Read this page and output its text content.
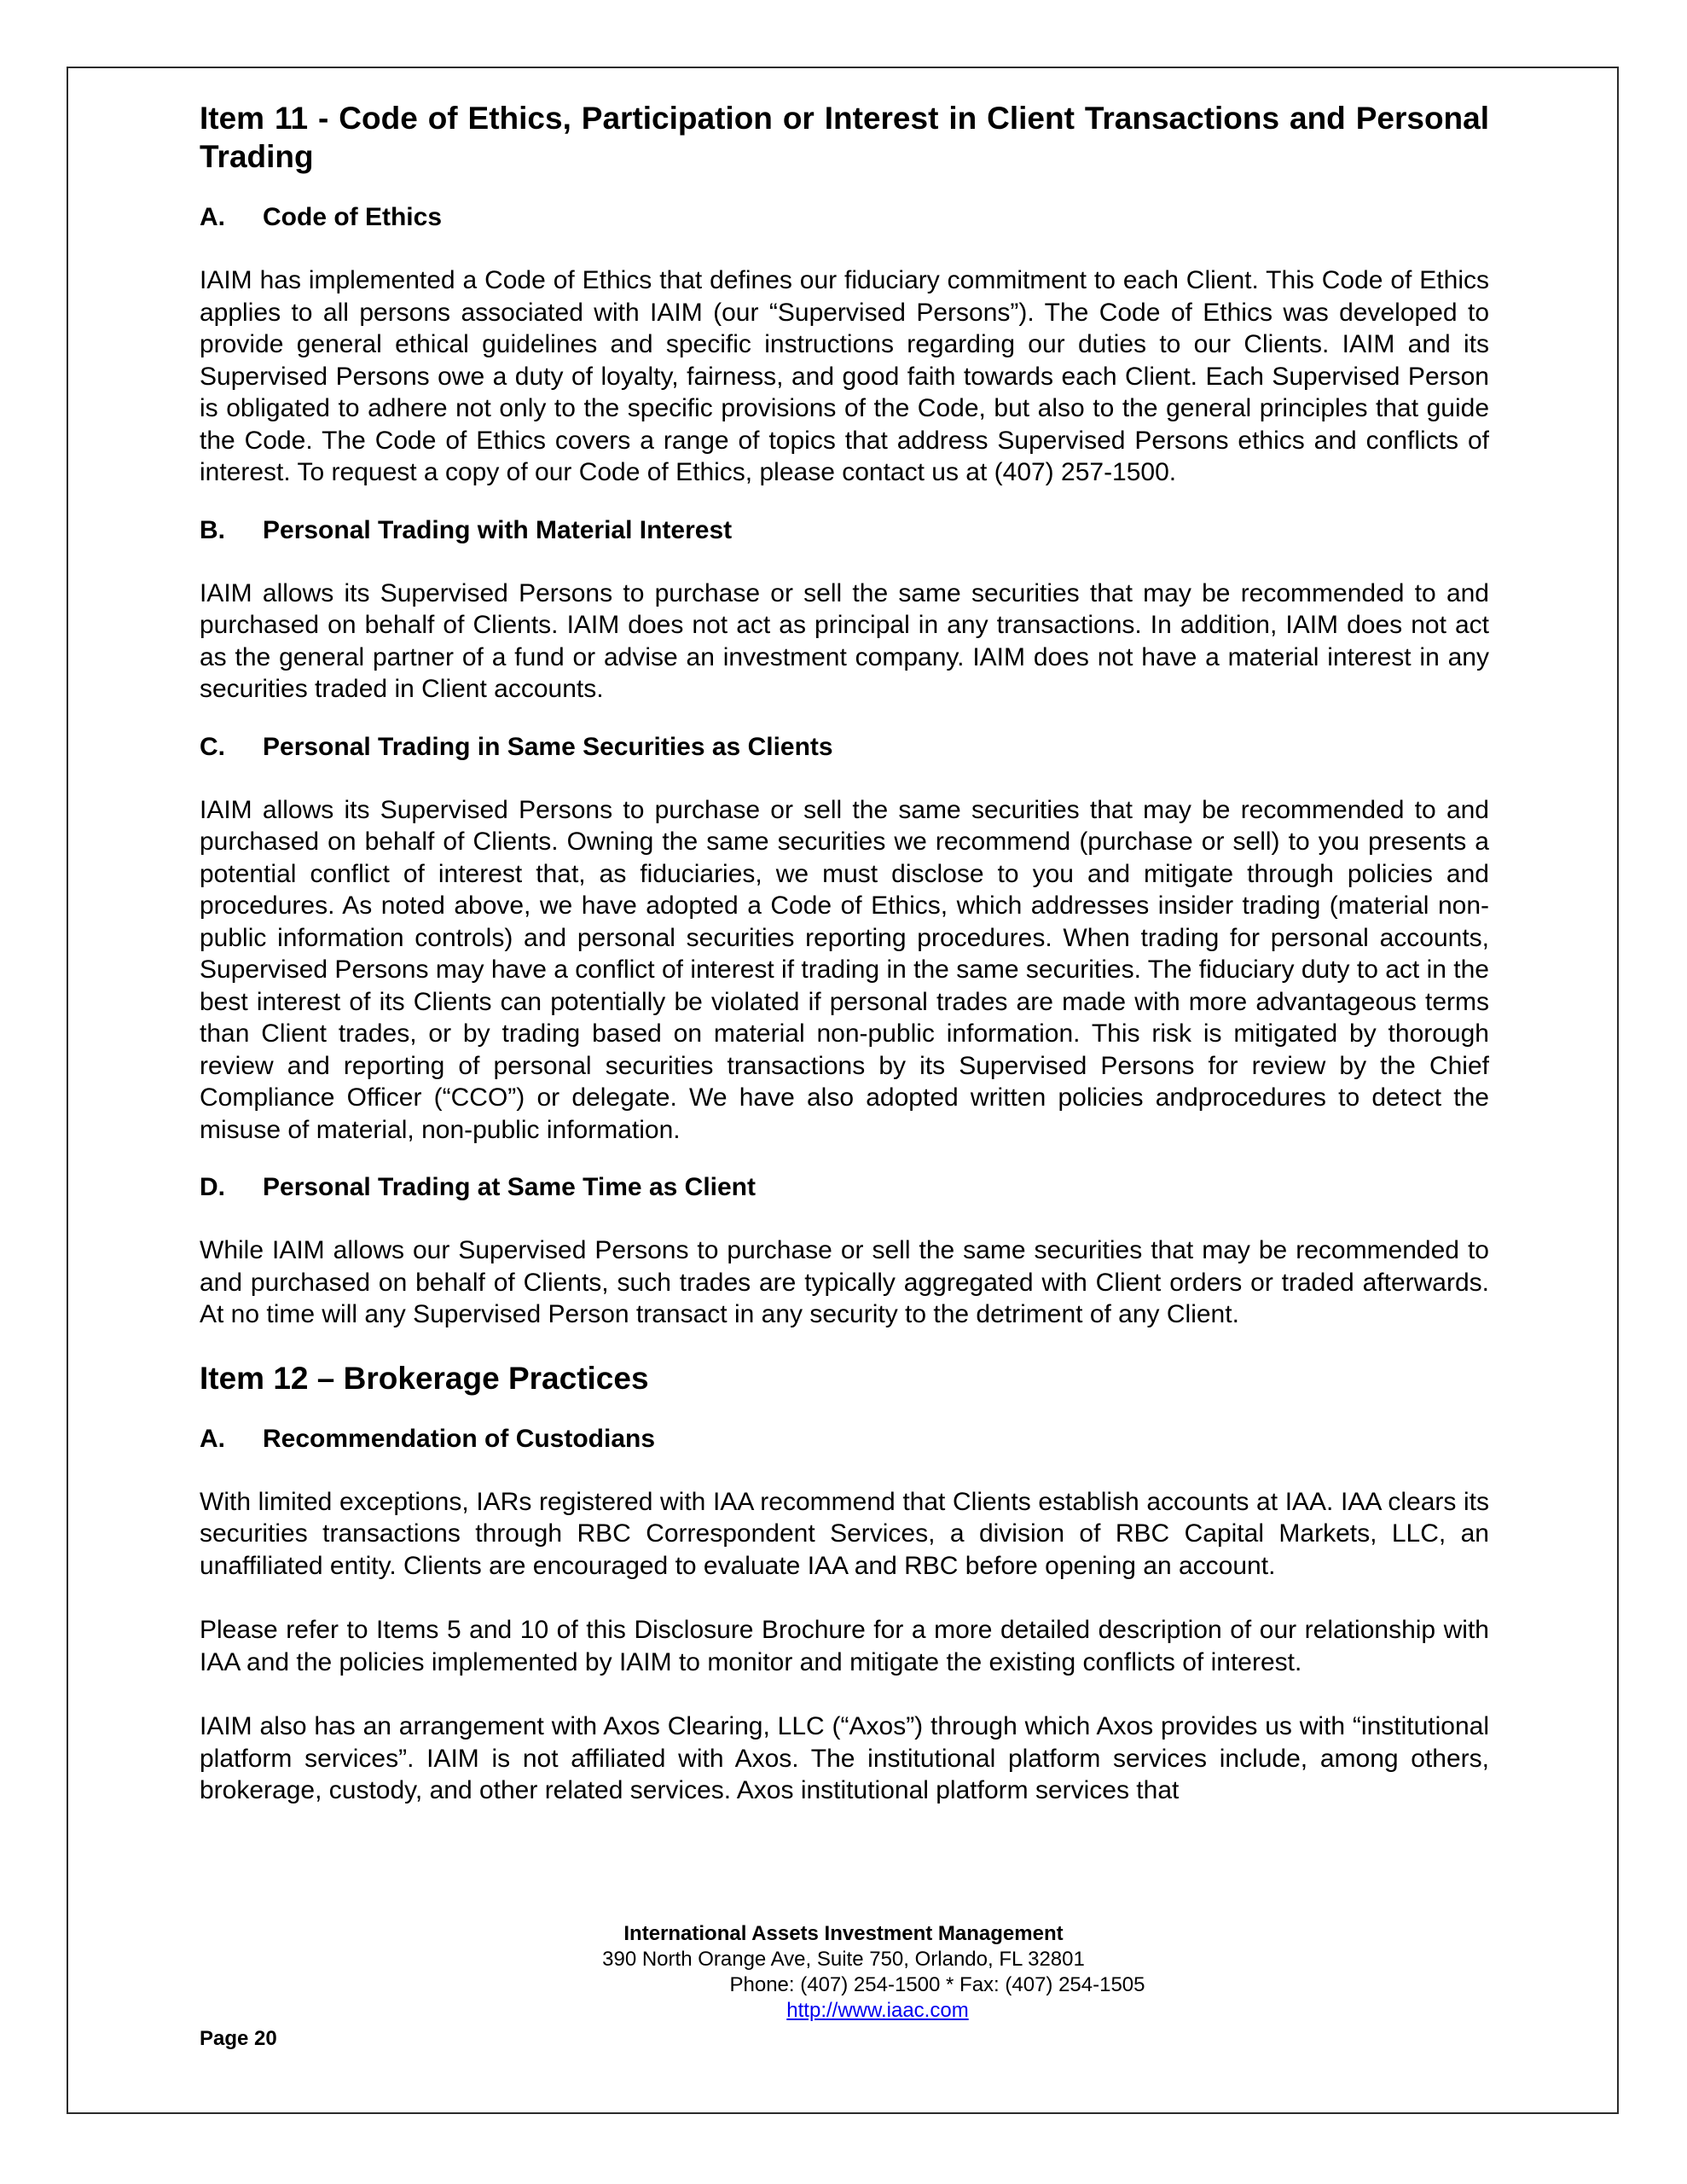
Item 11 - Code of Ethics, Participation or Interest in Client Transactions and Personal Trading
A.	Code of Ethics

IAIM has implemented a Code of Ethics that defines our fiduciary commitment to each Client. This Code of Ethics applies to all persons associated with IAIM (our “Supervised Persons”). The Code of Ethics was developed to provide general ethical guidelines and specific instructions regarding our duties to our Clients. IAIM and its Supervised Persons owe a duty of loyalty, fairness, and good faith towards each Client. Each Supervised Person is obligated to adhere not only to the specific provisions of the Code, but also to the general principles that guide the Code. The Code of Ethics covers a range of topics that address Supervised Persons ethics and conflicts of interest. To request a copy of our Code of Ethics, please contact us at (407) 257-1500.

B.	Personal Trading with Material Interest

IAIM allows its Supervised Persons to purchase or sell the same securities that may be recommended to and purchased on behalf of Clients. IAIM does not act as principal in any transactions. In addition, IAIM does not act as the general partner of a fund or advise an investment company. IAIM does not have a material interest in any securities traded in Client accounts.

C.	Personal Trading in Same Securities as Clients

IAIM allows its Supervised Persons to purchase or sell the same securities that may be recommended to and purchased on behalf of Clients. Owning the same securities we recommend (purchase or sell) to you presents a potential conflict of interest that, as fiduciaries, we must disclose to you and mitigate through policies and procedures. As noted above, we have adopted a Code of Ethics, which addresses insider trading (material non-public information controls) and personal securities reporting procedures. When trading for personal accounts, Supervised Persons may have a conflict of interest if trading in the same securities. The fiduciary duty to act in the best interest of its Clients can potentially be violated if personal trades are made with more advantageous terms than Client trades, or by trading based on material non-public information. This risk is mitigated by thorough review and reporting of personal securities transactions by its Supervised Persons for review by the Chief Compliance Officer (“CCO”) or delegate. We have also adopted written policies andprocedures to detect the misuse of material, non-public information.

D.	Personal Trading at Same Time as Client

While IAIM allows our Supervised Persons to purchase or sell the same securities that may be recommended to and purchased on behalf of Clients, such trades are typically aggregated with Client orders or traded afterwards. At no time will any Supervised Person transact in any security to the detriment of any Client.

Item 12 – Brokerage Practices
A.	Recommendation of Custodians

With limited exceptions, IARs registered with IAA recommend that Clients establish accounts at IAA. IAA clears its securities transactions through RBC Correspondent Services, a division of RBC Capital Markets, LLC, an unaffiliated entity. Clients are encouraged to evaluate IAA and RBC before opening an account.

Please refer to Items 5 and 10 of this Disclosure Brochure for a more detailed description of our relationship with IAA and the policies implemented by IAIM to monitor and mitigate the existing conflicts of interest.

IAIM also has an arrangement with Axos Clearing, LLC (“Axos”) through which Axos provides us with “institutional platform services”. IAIM is not affiliated with Axos. The institutional platform services include, among others, brokerage, custody, and other related services. Axos institutional platform services that

International Assets Investment Management
390 North Orange Ave, Suite 750, Orlando, FL 32801
Phone: (407) 254-1500 * Fax: (407) 254-1505
http://www.iaac.com
Page 20
